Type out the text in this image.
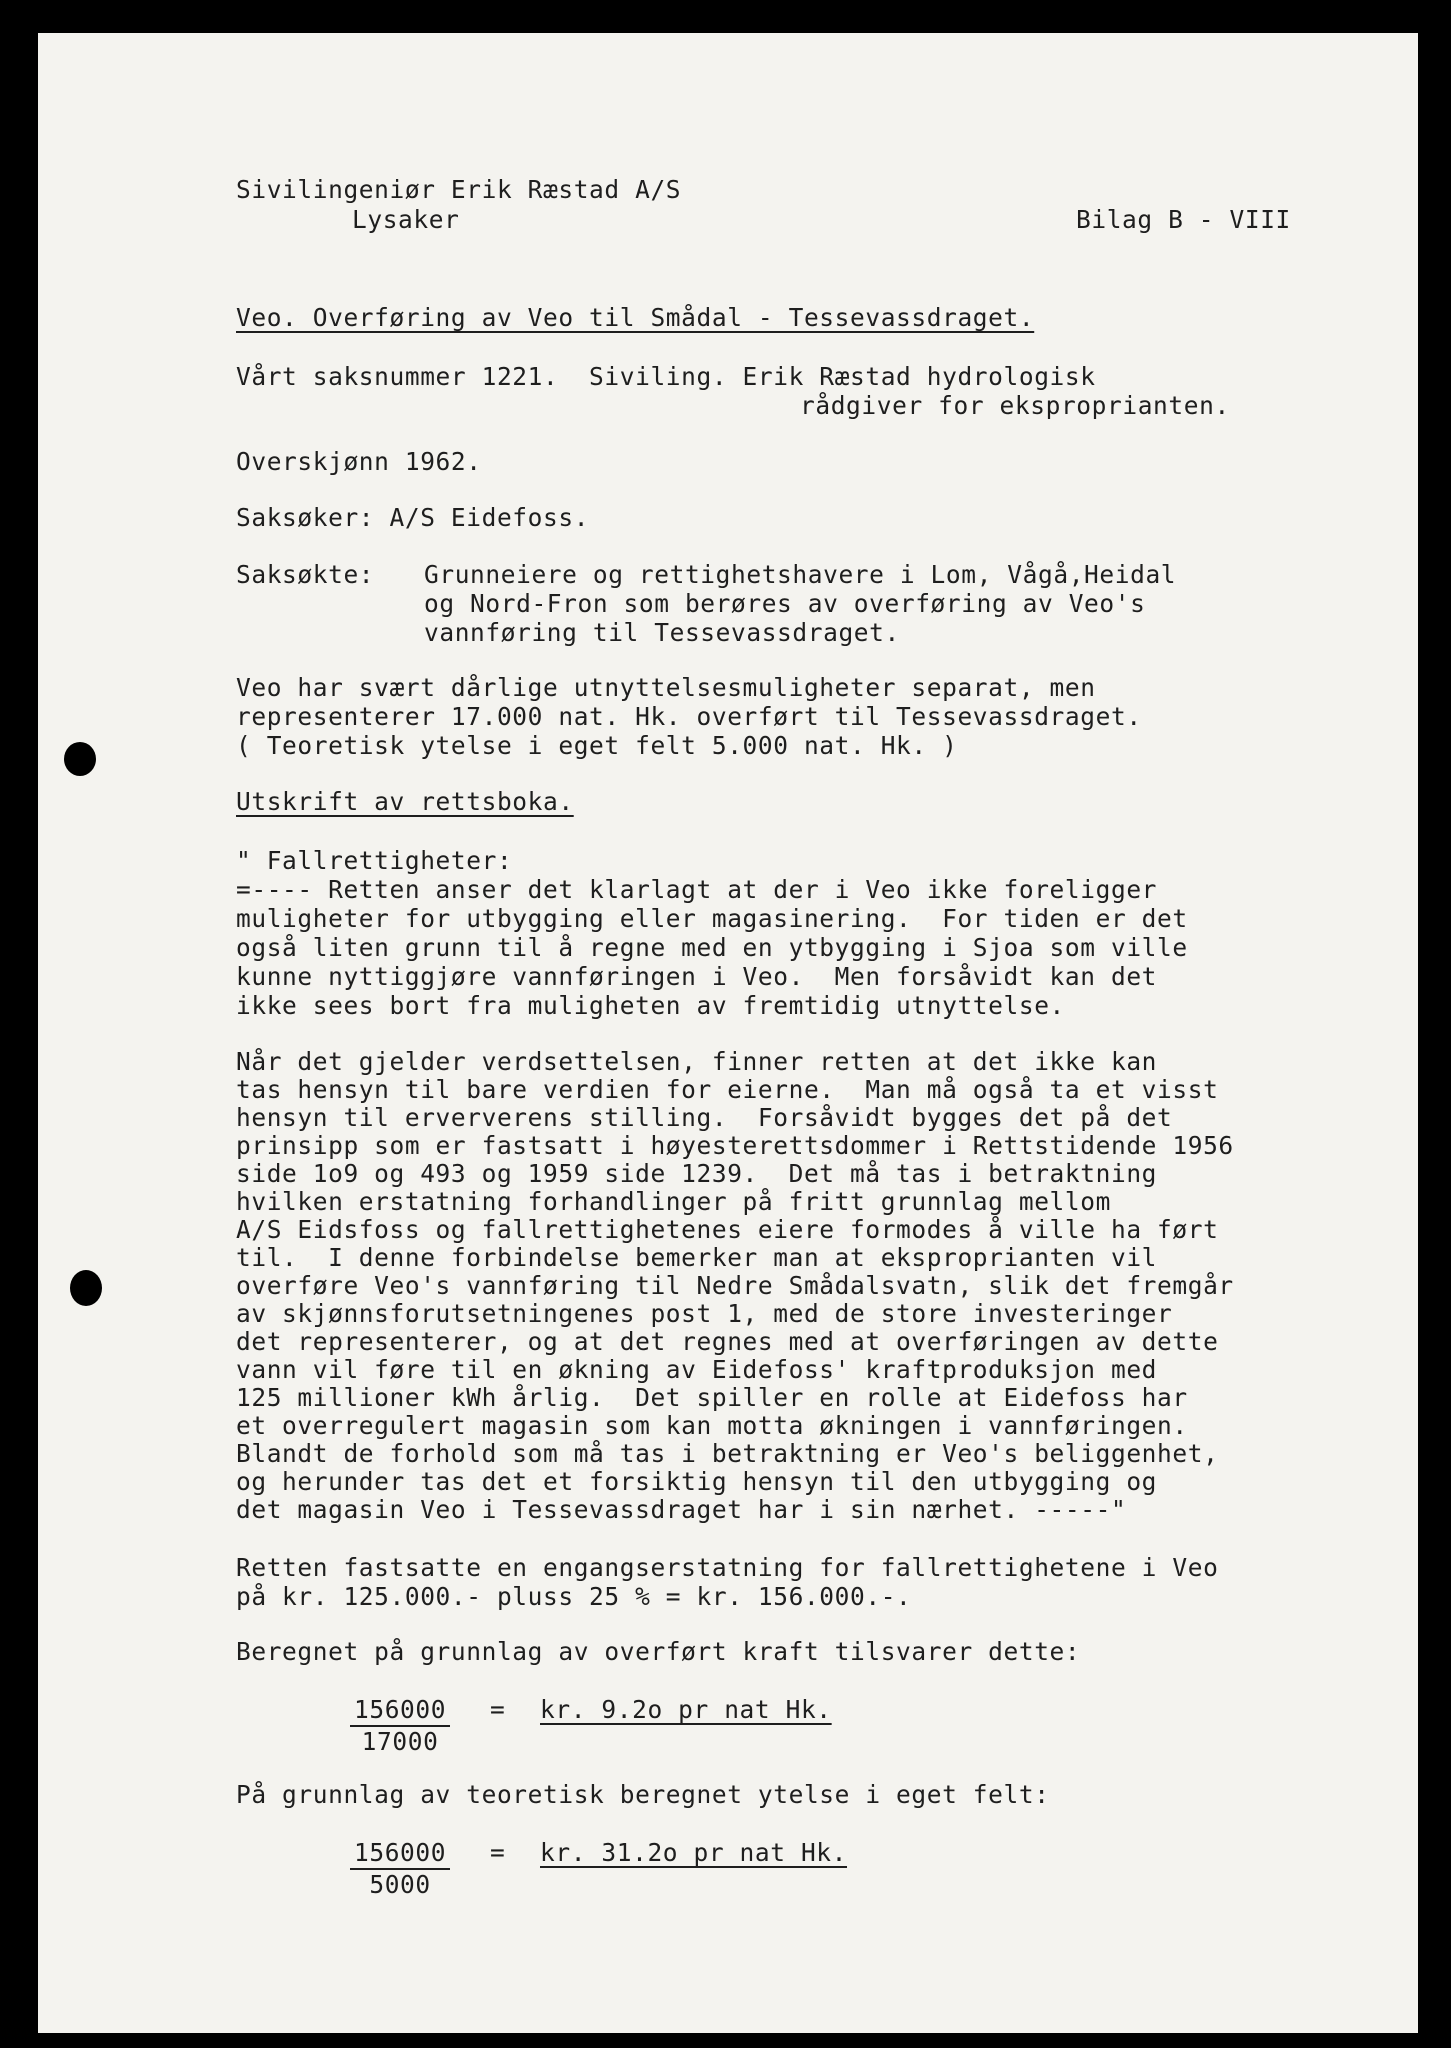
Sivilingeniør Erik Ræstad A/S
Lysaker	Bilag B - VIII
Veo. Overføring av Veo til Smådal - Tessevassdraget.
Vårt saksnummer 1221.  Siviling. Erik Ræstad hydrologisk
rådgiver for eksproprianten.
Overskjønn 1962.
Saksøker: A/S Eidefoss.
Saksøkte: Grunneiere og rettighetshavere i Lom, Vågå,Heidal
og Nord-Fron som berøres av overføring av Veo's
vannføring til Tessevassdraget.
Veo har svært dårlige utnyttelsesmuligheter separat, men
representerer 17.000 nat. Hk. overført til Tessevassdraget.
( Teoretisk ytelse i eget felt 5.000 nat. Hk. )
Utskrift av rettsboka.
" Fallrettigheter:
=---- Retten anser det klarlagt at der i Veo ikke foreligger
muligheter for utbygging eller magasinering.  For tiden er det
også liten grunn til å regne med en ytbygging i Sjoa som ville
kunne nyttiggjøre vannføringen i Veo.  Men forsåvidt kan det
ikke sees bort fra muligheten av fremtidig utnyttelse.
Når det gjelder verdsettelsen, finner retten at det ikke kan
tas hensyn til bare verdien for eierne.  Man må også ta et visst
hensyn til erververens stilling.  Forsåvidt bygges det på det
prinsipp som er fastsatt i høyesterettsdommer i Rettstidende 1956
side 1o9 og 493 og 1959 side 1239.  Det må tas i betraktning
hvilken erstatning forhandlinger på fritt grunnlag mellom
A/S Eidsfoss og fallrettighetenes eiere formodes å ville ha ført
til.  I denne forbindelse bemerker man at eksproprianten vil
overføre Veo's vannføring til Nedre Smådalsvatn, slik det fremgår
av skjønnsforutsetningenes post 1, med de store investeringer
det representerer, og at det regnes med at overføringen av dette
vann vil føre til en økning av Eidefoss' kraftproduksjon med
125 millioner kWh årlig.  Det spiller en rolle at Eidefoss har
et overregulert magasin som kan motta økningen i vannføringen.
Blandt de forhold som må tas i betraktning er Veo's beliggenhet,
og herunder tas det et forsiktig hensyn til den utbygging og
det magasin Veo i Tessevassdraget har i sin nærhet. -----"
Retten fastsatte en engangserstatning for fallrettighetene i Veo
på kr. 125.000.- pluss 25 % = kr. 156.000.-.
Beregnet på grunnlag av overført kraft tilsvarer dette:
$\frac{156000}{17000}$ = kr. 9.2o pr nat Hk.
På grunnlag av teoretisk beregnet ytelse i eget felt:
$\frac{156000}{5000}$ = kr. 31.2o pr nat Hk.
